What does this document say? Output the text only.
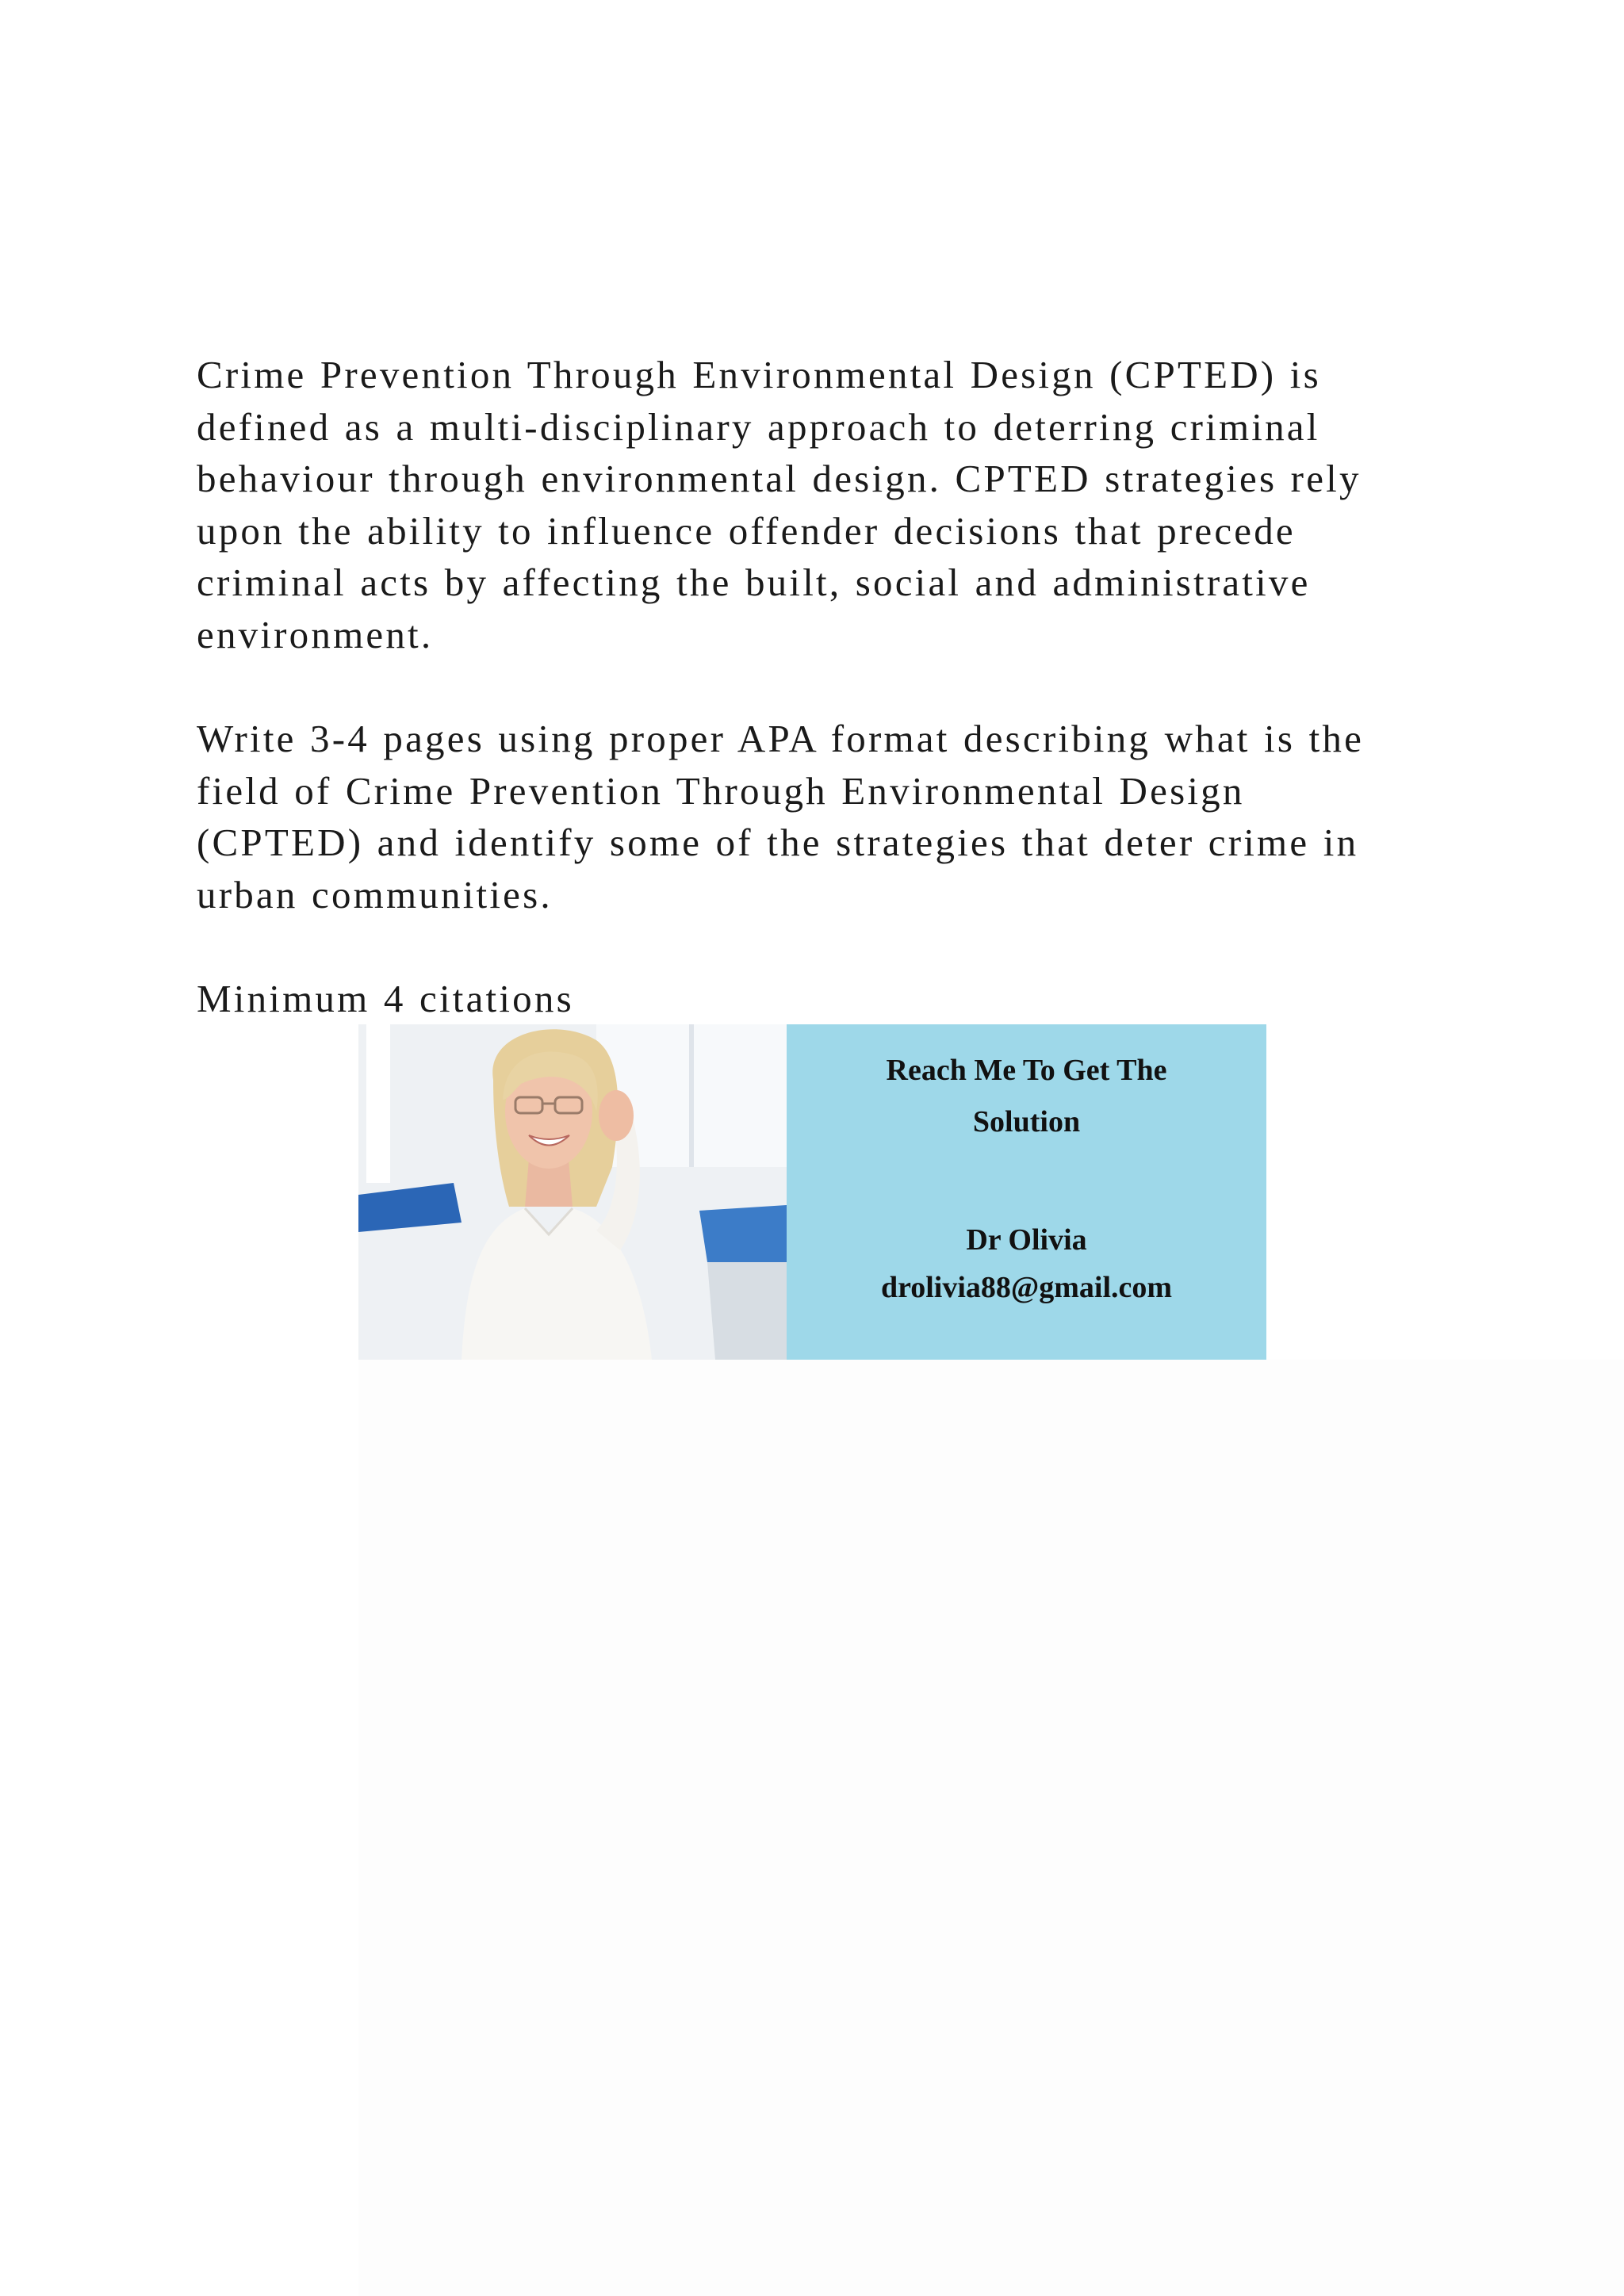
Crime Prevention Through Environmental Design (CPTED) is
defined as a multi-disciplinary approach to deterring criminal
behaviour through environmental design. CPTED strategies rely
upon the ability to influence offender decisions that precede
criminal acts by affecting the built, social and administrative
environment.

Write 3-4 pages using proper APA format describing what is the
field of Crime Prevention Through Environmental Design
(CPTED) and identify some of the strategies that deter crime in
urban communities.

Minimum 4 citations

Reach Me To Get The
Solution
Dr Olivia
drolivia88@gmail.com
